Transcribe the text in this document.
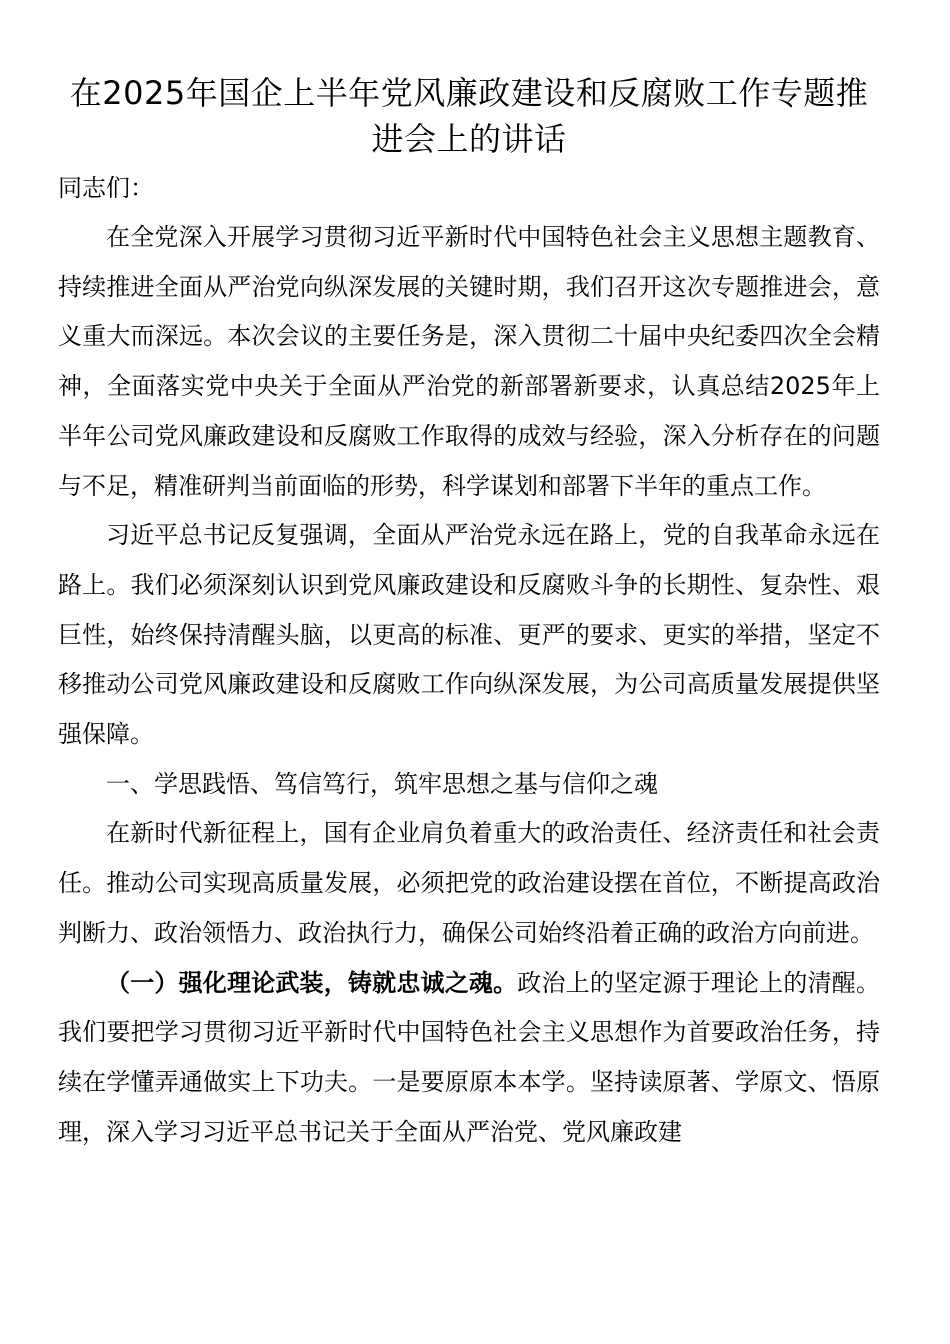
在2025年国企上半年党风廉政建设和反腐败工作专题推进会上的讲话

同志们：

在全党深入开展学习贯彻习近平新时代中国特色社会主义思想主题教育、持续推进全面从严治党向纵深发展的关键时期，我们召开这次专题推进会，意义重大而深远。本次会议的主要任务是，深入贯彻二十届中央纪委四次全会精神，全面落实党中央关于全面从严治党的新部署新要求，认真总结2025年上半年公司党风廉政建设和反腐败工作取得的成效与经验，深入分析存在的问题与不足，精准研判当前面临的形势，科学谋划和部署下半年的重点工作。

习近平总书记反复强调，全面从严治党永远在路上，党的自我革命永远在路上。我们必须深刻认识到党风廉政建设和反腐败斗争的长期性、复杂性、艰巨性，始终保持清醒头脑，以更高的标准、更严的要求、更实的举措，坚定不移推动公司党风廉政建设和反腐败工作向纵深发展，为公司高质量发展提供坚强保障。

一、学思践悟、笃信笃行，筑牢思想之基与信仰之魂

在新时代新征程上，国有企业肩负着重大的政治责任、经济责任和社会责任。推动公司实现高质量发展，必须把党的政治建设摆在首位，不断提高政治判断力、政治领悟力、政治执行力，确保公司始终沿着正确的政治方向前进。

（一）强化理论武装，铸就忠诚之魂。政治上的坚定源于理论上的清醒。我们要把学习贯彻习近平新时代中国特色社会主义思想作为首要政治任务，持续在学懂弄通做实上下功夫。一是要原原本本学。坚持读原著、学原文、悟原理，深入学习习近平总书记关于全面从严治党、党风廉政建
